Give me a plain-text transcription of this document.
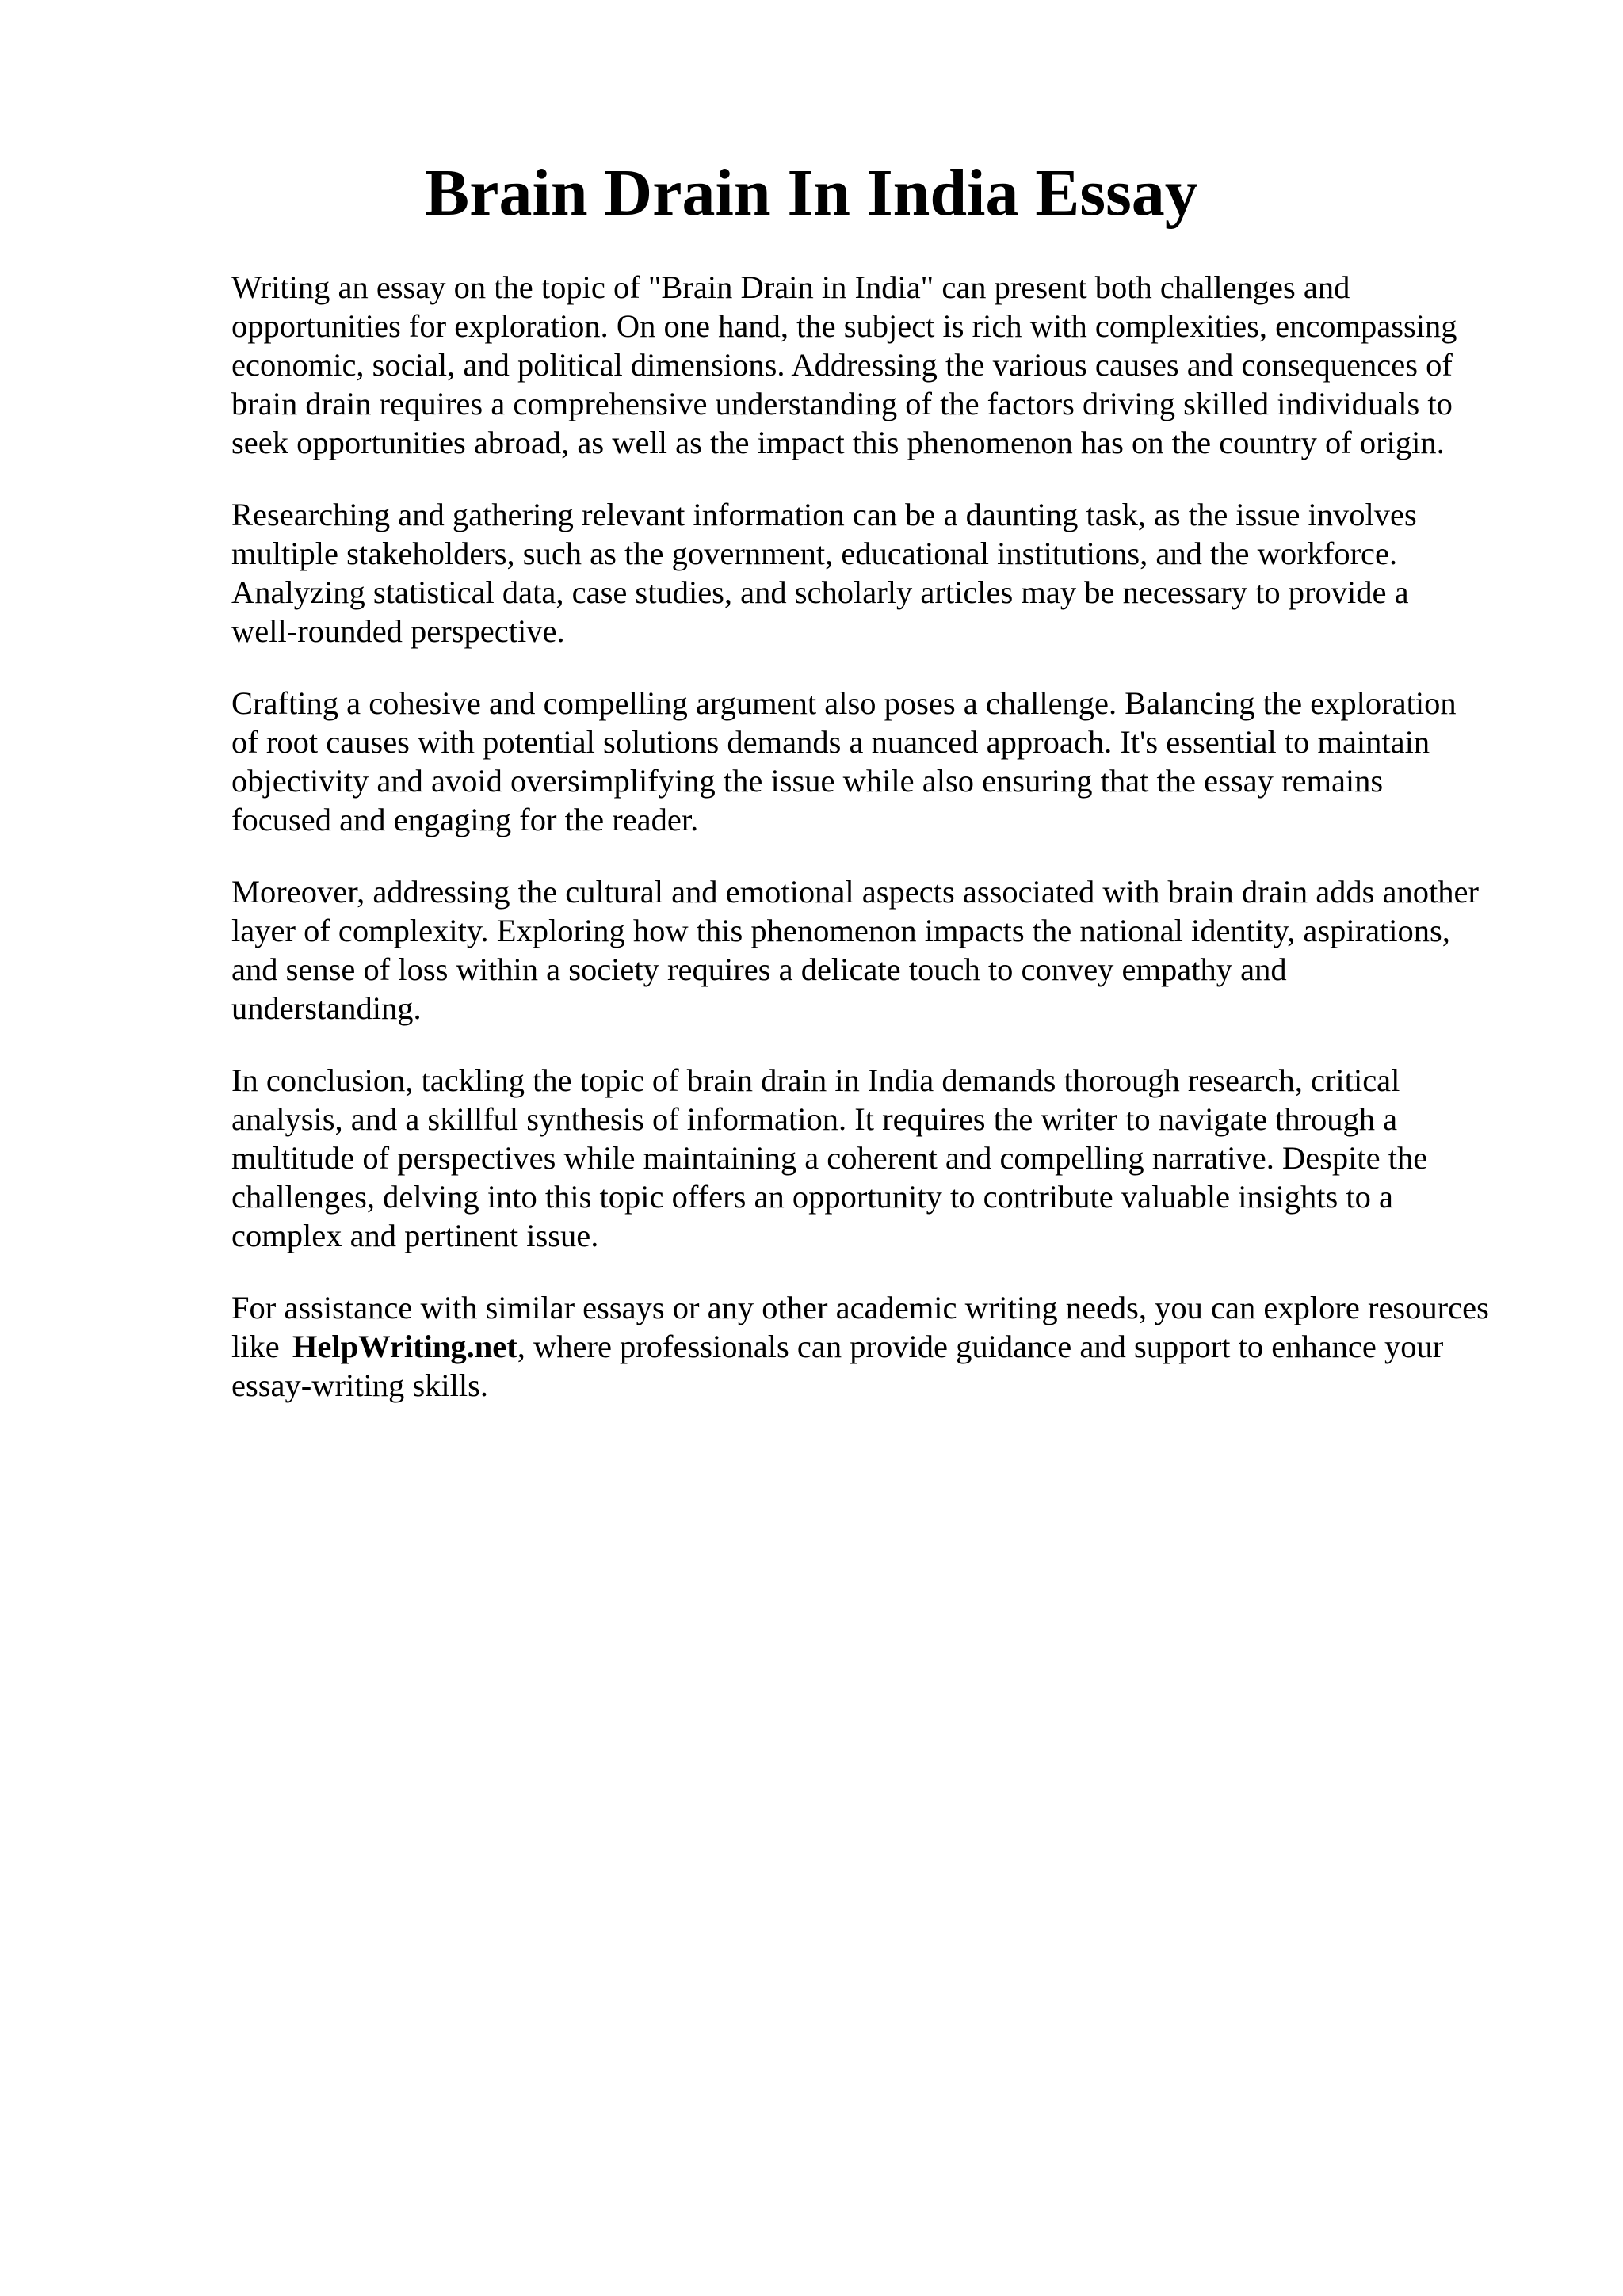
Brain Drain In India Essay

Writing an essay on the topic of "Brain Drain in India" can present both challenges and
opportunities for exploration. On one hand, the subject is rich with complexities, encompassing
economic, social, and political dimensions. Addressing the various causes and consequences of
brain drain requires a comprehensive understanding of the factors driving skilled individuals to
seek opportunities abroad, as well as the impact this phenomenon has on the country of origin.

Researching and gathering relevant information can be a daunting task, as the issue involves
multiple stakeholders, such as the government, educational institutions, and the workforce.
Analyzing statistical data, case studies, and scholarly articles may be necessary to provide a
well-rounded perspective.

Crafting a cohesive and compelling argument also poses a challenge. Balancing the exploration
of root causes with potential solutions demands a nuanced approach. It's essential to maintain
objectivity and avoid oversimplifying the issue while also ensuring that the essay remains
focused and engaging for the reader.

Moreover, addressing the cultural and emotional aspects associated with brain drain adds another
layer of complexity. Exploring how this phenomenon impacts the national identity, aspirations,
and sense of loss within a society requires a delicate touch to convey empathy and
understanding.

In conclusion, tackling the topic of brain drain in India demands thorough research, critical
analysis, and a skillful synthesis of information. It requires the writer to navigate through a
multitude of perspectives while maintaining a coherent and compelling narrative. Despite the
challenges, delving into this topic offers an opportunity to contribute valuable insights to a
complex and pertinent issue.

For assistance with similar essays or any other academic writing needs, you can explore resources
like HelpWriting.net, where professionals can provide guidance and support to enhance your
essay-writing skills.
